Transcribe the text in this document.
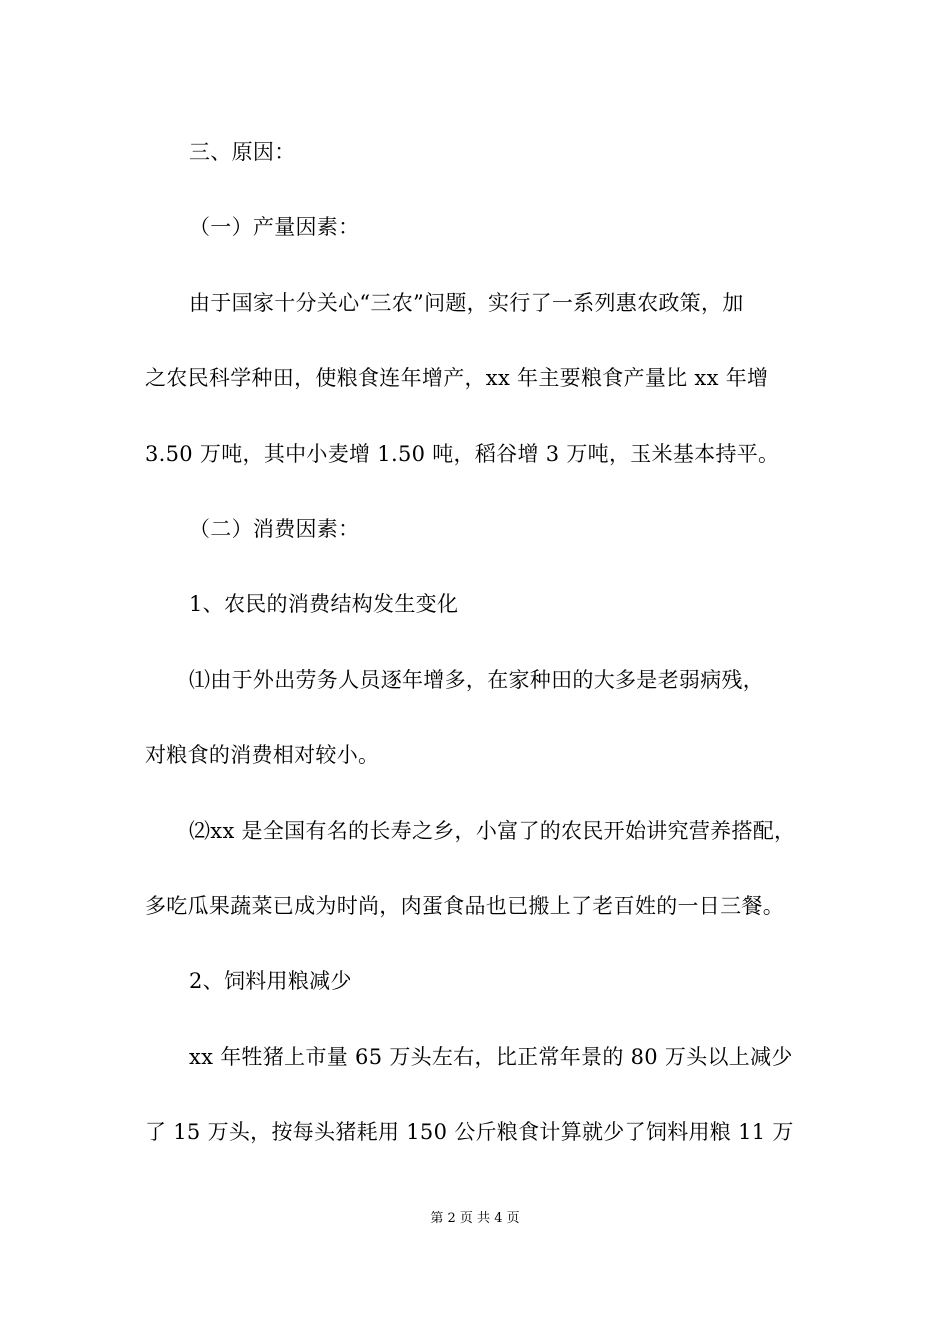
三、原因：
（一）产量因素：
由于国家十分关心“三农”问题，实行了一系列惠农政策，加
之农民科学种田，使粮食连年增产，xx 年主要粮食产量比 xx 年增
3.50 万吨，其中小麦增 1.50 吨，稻谷增 3 万吨，玉米基本持平。
（二）消费因素：
1、农民的消费结构发生变化
⑴由于外出劳务人员逐年增多，在家种田的大多是老弱病残，
对粮食的消费相对较小。
⑵xx 是全国有名的长寿之乡，小富了的农民开始讲究营养搭配，
多吃瓜果蔬菜已成为时尚，肉蛋食品也已搬上了老百姓的一日三餐。
2、饲料用粮减少
xx 年牲猪上市量 65 万头左右，比正常年景的 80 万头以上减少
了 15 万头，按每头猪耗用 150 公斤粮食计算就少了饲料用粮 11 万
第 2 页 共 4 页
